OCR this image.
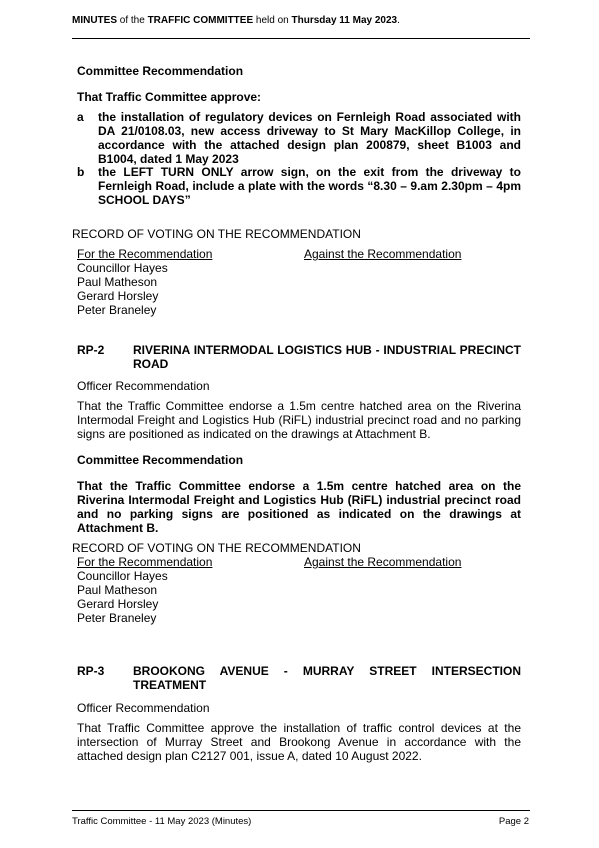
MINUTES of the TRAFFIC COMMITTEE held on Thursday 11 May 2023.
Committee Recommendation
That Traffic Committee approve:
a the installation of regulatory devices on Fernleigh Road associated with DA 21/0108.03, new access driveway to St Mary MacKillop College, in accordance with the attached design plan 200879, sheet B1003 and B1004, dated 1 May 2023
b the LEFT TURN ONLY arrow sign, on the exit from the driveway to Fernleigh Road, include a plate with the words “8.30 – 9.am 2.30pm – 4pm SCHOOL DAYS”
RECORD OF VOTING ON THE RECOMMENDATION
For the Recommendation	Against the Recommendation
Councillor Hayes
Paul Matheson
Gerard Horsley
Peter Braneley
RP-2 RIVERINA INTERMODAL LOGISTICS HUB - INDUSTRIAL PRECINCT ROAD
Officer Recommendation
That the Traffic Committee endorse a 1.5m centre hatched area on the Riverina Intermodal Freight and Logistics Hub (RiFL) industrial precinct road and no parking signs are positioned as indicated on the drawings at Attachment B.
Committee Recommendation
That the Traffic Committee endorse a 1.5m centre hatched area on the Riverina Intermodal Freight and Logistics Hub (RiFL) industrial precinct road and no parking signs are positioned as indicated on the drawings at Attachment B.
RECORD OF VOTING ON THE RECOMMENDATION
For the Recommendation	Against the Recommendation
Councillor Hayes
Paul Matheson
Gerard Horsley
Peter Braneley
RP-3 BROOKONG AVENUE - MURRAY STREET INTERSECTION TREATMENT
Officer Recommendation
That Traffic Committee approve the installation of traffic control devices at the intersection of Murray Street and Brookong Avenue in accordance with the attached design plan C2127 001, issue A, dated 10 August 2022.
Traffic Committee - 11 May 2023 (Minutes)	Page 2
